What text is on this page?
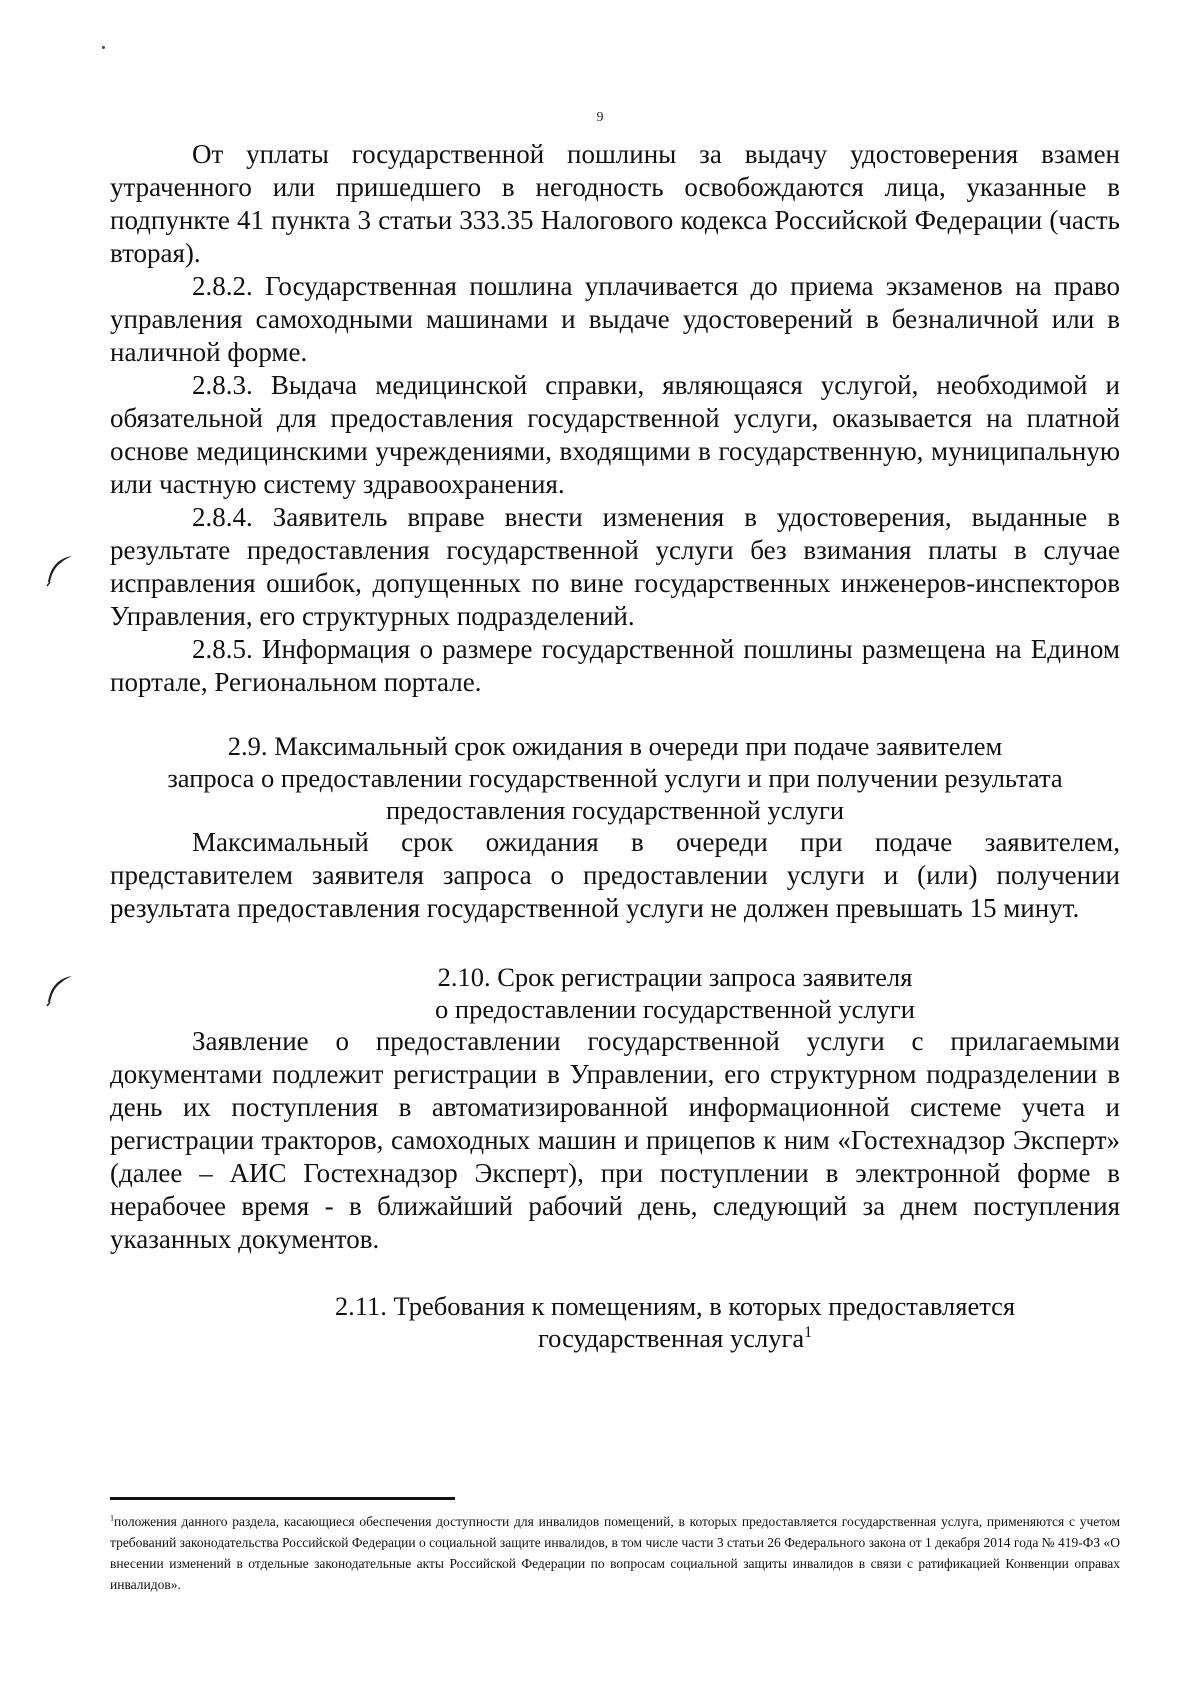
9

От уплаты государственной пошлины за выдачу удостоверения взамен утраченного или пришедшего в негодность освобождаются лица, указанные в подпункте 41 пункта 3 статьи 333.35 Налогового кодекса Российской Федерации (часть вторая).

2.8.2. Государственная пошлина уплачивается до приема экзаменов на право управления самоходными машинами и выдаче удостоверений в безналичной или в наличной форме.

2.8.3. Выдача медицинской справки, являющаяся услугой, необходимой и обязательной для предоставления государственной услуги, оказывается на платной основе медицинскими учреждениями, входящими в государственную, муниципальную или частную систему здравоохранения.

2.8.4. Заявитель вправе внести изменения в удостоверения, выданные в результате предоставления государственной услуги без взимания платы в случае исправления ошибок, допущенных по вине государственных инженеров-инспекторов Управления, его структурных подразделений.

2.8.5. Информация о размере государственной пошлины размещена на Едином портале, Региональном портале.

2.9. Максимальный срок ожидания в очереди при подаче заявителем
запроса о предоставлении государственной услуги и при получении результата
предоставления государственной услуги

Максимальный срок ожидания в очереди при подаче заявителем, представителем заявителя запроса о предоставлении услуги и (или) получении результата предоставления государственной услуги не должен превышать 15 минут.

2.10. Срок регистрации запроса заявителя
о предоставлении государственной услуги

Заявление о предоставлении государственной услуги с прилагаемыми документами подлежит регистрации в Управлении, его структурном подразделении в день их поступления в автоматизированной информационной системе учета и регистрации тракторов, самоходных машин и прицепов к ним «Гостехнадзор Эксперт» (далее – АИС Гостехнадзор Эксперт), при поступлении в электронной форме в нерабочее время - в ближайший рабочий день, следующий за днем поступления указанных документов.

2.11. Требования к помещениям, в которых предоставляется
государственная услуга$^1$
$^1$положения данного раздела, касающиеся обеспечения доступности для инвалидов помещений, в которых предоставляется государственная услуга, применяются с учетом требований законодательства Российской Федерации о социальной защите инвалидов, в том числе части 3 статьи 26 Федерального закона от 1 декабря 2014 года № 419-ФЗ «О внесении изменений в отдельные законодательные акты Российской Федерации по вопросам социальной защиты инвалидов в связи с ратификацией Конвенции оправах инвалидов».
